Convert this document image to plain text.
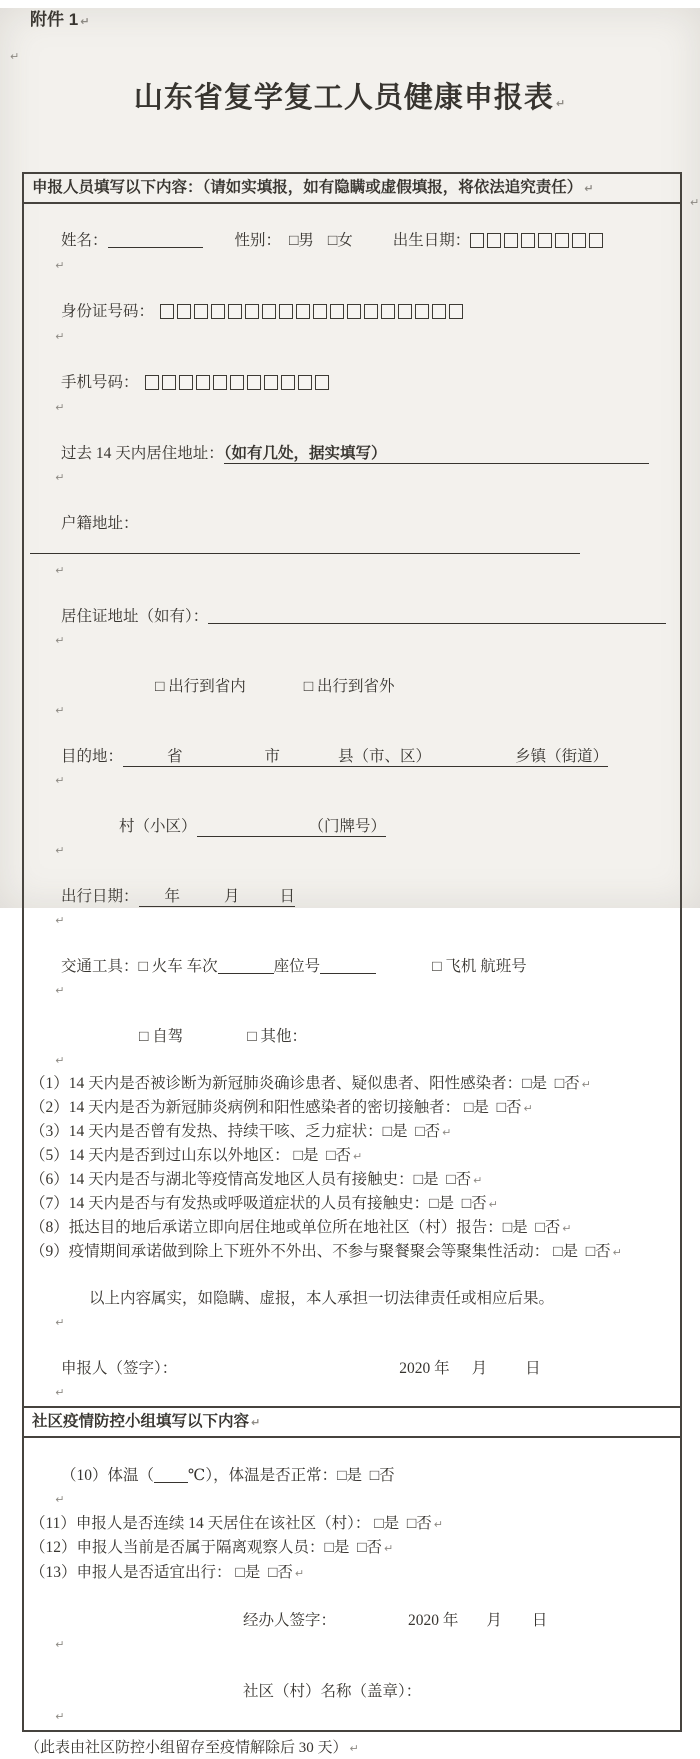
附件 1 ↵
↵
山东省复学复工人员健康申报表 ↵
↵
申报人员填写以下内容：（请如实填报，如有隐瞒或虚假填报，将依法追究责任） ↵

姓名：	性别： □男 □女	出生日期：
↵

身份证号码：
↵

手机号码：
↵

过去 14 天内居住地址：（如有几处，据实填写）
↵

户籍地址：
↵

居住证地址（如有）：
↵

□ 出行到省内	□ 出行到省外
↵

目的地：	省	市	县（市、区）	乡镇（街道）
↵

村（小区）	（门牌号）
↵

出行日期： 年	月	日
↵

交通工具：□ 火车 车次	座位号	□ 飞机 航班号
↵

□ 自驾	□ 其他：
↵
（1）14 天内是否被诊断为新冠肺炎确诊患者、疑似患者、阳性感染者：□是  □否 ↵
（2）14 天内是否为新冠肺炎病例和阳性感染者的密切接触者： □是  □否 ↵
（3）14 天内是否曾有发热、持续干咳、乏力症状：□是  □否 ↵
（5）14 天内是否到过山东以外地区： □是  □否 ↵
（6）14 天内是否与湖北等疫情高发地区人员有接触史：□是  □否 ↵
（7）14 天内是否与有发热或呼吸道症状的人员有接触史：□是  □否 ↵
（8）抵达目的地后承诺立即向居住地或单位所在地社区（村）报告：□是  □否 ↵
（9）疫情期间承诺做到除上下班外不外出、不参与聚餐聚会等聚集性活动： □是  □否 ↵

以上内容属实，如隐瞒、虚报，本人承担一切法律责任或相应后果。
↵

申报人（签字）：	2020 年 月 日
↵
社区疫情防控小组填写以下内容 ↵

（10）体温（ ℃），体温是否正常：□是  □否
↵
（11）申报人是否连续 14 天居住在该社区（村）： □是  □否 ↵
（12）申报人当前是否属于隔离观察人员：□是  □否 ↵
（13）申报人是否适宜出行： □是  □否 ↵

经办人签字：	2020 年 月 日
↵

社区（村）名称（盖章）：
↵
（此表由社区防控小组留存至疫情解除后 30 天） ↵
